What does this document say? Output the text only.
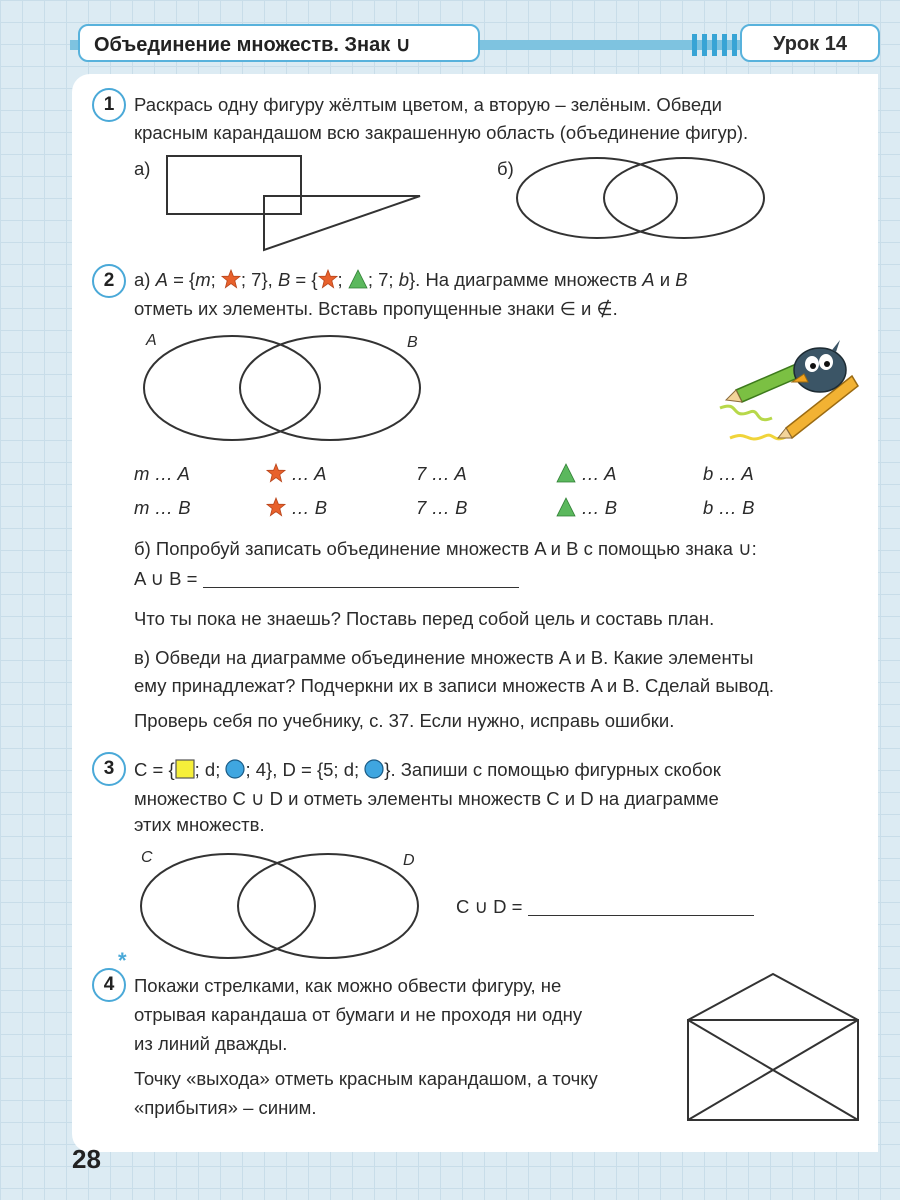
Объединение множеств. Знак ∪	Урок 14
1	Раскрась одну фигуру жёлтым цветом, а вторую – зелёным. Обведи
красным карандашом всю закрашенную область (объединение фигур).
а)	б)
2	а) A = {m; ; 7}, B = { ; ; 7; b}. На диаграмме множеств A и B
отметь их элементы. Вставь пропущенные знаки ∈ и ∉.
A	B
m … A	… A	7 … A	… A	b … A
m … B	… B	7 … B	… B	b … B
б) Попробуй записать объединение множеств A и B с помощью знака ∪:
A ∪ B =
Что ты пока не знаешь? Поставь перед собой цель и составь план.
в) Обведи на диаграмме объединение множеств A и B. Какие элементы
ему принадлежат? Подчеркни их в записи множеств A и B. Сделай вывод.
Проверь себя по учебнику, с. 37. Если нужно, исправь ошибки.
3	C = { ; d; ; 4}, D = {5; d; }. Запиши с помощью фигурных скобок
множество C ∪ D и отметь элементы множеств C и D на диаграмме
этих множеств.
C	D
C ∪ D =
*
4	Покажи стрелками, как можно обвести фигуру, не
отрывая карандаша от бумаги и не проходя ни одну
из линий дважды.
Точку «выхода» отметь красным карандашом, а точку
«прибытия» – синим.
28
